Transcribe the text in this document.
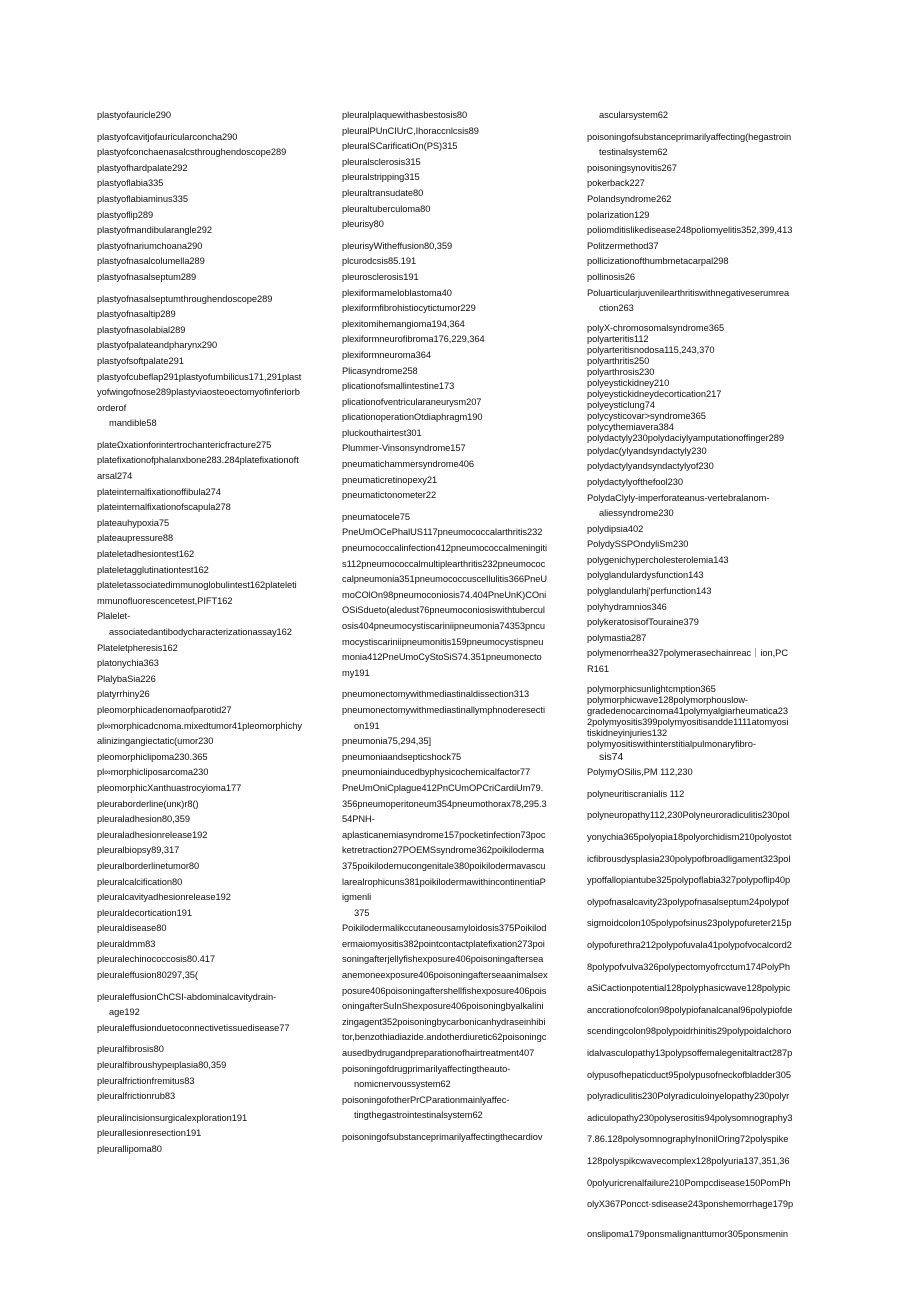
plastyofauricle290
plastyofcavitjofauricularconcha290
plastyofconchaenasalcsthroughendoscope289
plastyofhardpalate292
plastyoflabia335
plastyoflabiaminus335
plastyoflip289
plastyofmandibularangle292
plastyofnariumchoana290
plastyofnasalcolumella289
plastyofnasalseptum289
plastyofnasalseptumthroughendoscope289
plastyofnasaltip289
plastyofnasolabial289
plastyofpalateandpharynx290
plastyofsoftpalate291
plastyofcubeflap291plastyofumbilicus171,291plast
yofwingofnose289plastyviaosteoectomyofinferiorb
orderof
mandible58
plateΩxationforintertrochantericfracture275
platefixationofphalanxbone283.284platefixationoft
arsal274
plateinternalfixationoffibula274
plateinternalfixationofscapula278
plateauhypoxia75
plateaupressure88
plateletadhesiontest162
plateletagglutinationtest162
plateletassociatedimmunoglobulintest162plateleti
mmunofluorescencetest,PIFT162
Plalelet-
associatedantibodycharacterizationassay162
Plateletpheresis162
platonychia363
PlalybaSia226
platyrrhiny26
pleomorphicadenomaofparotid27
pl∞morphicadcnoma.mixedtumor41pleomorphichy
alinizingangiectatic(umor230
pleomorphiclipoma230.365
pl∞morphicliposarcoma230
pleomorphicXanthuastrocyioma177
pleuraborderline(unκ)r8()
pleuraladhesion80,359
pleuraladhesionrelease192
pleuralbiopsy89,317
pleuralborderlinetumor80
pleuralcalcification80
pleuralcavityadhesionrelease192
pleuraldecortication191
pleuraldisease80
pleuraldmm83
pleuralechinococcosis80.417
pleuraleffusion80297,35(
pleuraleffusionChCSI-abdominalcavitydrain-
age192
pleuraleffusionduetoconnectivetissuedisease77
pleuralfibrosis80
pleuralfibroushypeιplasia80,359
pleuralfrictionfremitus83
pleuralfrictionrub83
pleuralincisionsurgicalexploration191
pleurallesionresection191
pleurallipoma80
pleuralplaquewithasbestosis80
pleuralPUnCIUrC,Ihoraccnlcsis89
pleuralSCarificatiOn(PS)315
pleuralsclerosis315
pleuralstripping315
pleuraltransudate80
pleuraltuberculoma80
pleurisy80
pleurisyWitheffusion80,359
plcurodcsis85.191
pleurosclerosis191
plexiformameloblastoma40
plexiformfibrohistiocytictumor229
plexitomihemangioma194,364
plexiformneurofibroma176,229,364
plexiformneuroma364
Plicasyndrome258
plicationofsmallintestine173
plicationofventricularaneurysm207
plicationoperationOtdiaphragm190
pluckouthairtest301
Plummer-Vinsonsyndrome157
pneumatichammersyndrome406
pneumaticretinopexy21
pneumatictonometer22
pneumatocele75
PneUmOCePhalUS117pneumococcalarthritis232
pneumococcalinfection412pneumococcalmeningiti
s112pneumococcalmultiplearthritis232pneumococ
calpneumonia351pneumococcuscellulitis366PneU
moCOlOn98pneumoconiosis74.404PneUnK)COni
OSiSdueto(aledust76pneumoconiosiswithtubercul
osis404pneumocystiscariniipneumonia74353pncu
mocystiscariniipneumonitis159pneumocystispneu
monia412PneUmoCyStoSiS74.351pneumonecto
my191
pneumonectomywithmediastinaldissection313
pneumonectomywithmediastinallymphnoderesecti
on191
pneumonia75,294,35]
pneumoniaandsepticshock75
pneumoniainducedbyphysicochemicalfactor77
PneUmOniCplague412PnCUmOPCriCardiUm79.
356pneumoperitoneum354pneumothorax78,295.3
54PNH-
aplasticanemiasyndrome157pocketinfection73poc
ketretraction27POEMSsyndrome362poikiloderma
375poikilodernucongenitale380poikilodermavascu
larealrophicuns381poikilodermawithincontinentiaP
igmenli
375
Poikilodermalikccutaneousamyloidosis375Poikilod
ermaiomyositis382pointcontactplatefixation273poi
soningafterjellyfishexposure406poisoningaftersea
anemoneexposure406poisoningafterseaanimalsex
posure406poisoningaftershellfishexposure406pois
oningafterSuInShexposure406poisoningbyalkalini
zingagent352poisoningbycarbonicanhydraseinhibi
tor,benzothiadiazide.andotherdiuretic62poisoningc
ausedbydrugandpreparationofhairtreatment407
poisoningofdrugprimarilyaffectingtheauto-
nomicnervoussystem62
poisoningofotherPrCParationmainlyaffec-
tingthegastrointestinalsystem62
poisoningofsubstanceprimarilyaffectingthecardiov
ascularsystem62
poisoningofsubstanceprimarilyaffecting(hegastroin
testinalsystem62
poisoningsynovitis267
pokerback227
Polandsyndrome262
polarization129
poliomditislikedisease248poliomyelitis352,399,413
Politzermethod37
pollicizationofthumbmetacarpal298
pollinosis26
Poluarticularjuvenilearthritiswithnegativeserumrea
ction263
polyX-chromosomalsyndrome365
polyarteritis112
polyarteritisnodosa115,243,370
polyarthritis250
polyarthrosis230
polyeystickidney210
polyeystickidneydecortication217
polyeysticlung74
polycysticovar>syndrome365
polycythemiavera384
polydactyly230polydaciylyamputationoffinger289
polydac(ylyandsyndactyly230
polydactylyandsyndactylyof230
polydactylyofthefool230
PolydaClyly-imperforateanus-vertebralanom-
aliessyndrome230
polydipsia402
PolydySSPOndyliSm230
polygenichypercholesterolemia143
polyglandulardysfunction143
polyglandularhj'perfunction143
polyhydramnios346
polykeratosisofTouraine379
polymastia287
polymenorrhea327polymerasechainreac｜ion,PC
R161
polymorphicsunlightcmption365
polymorphicwave128polymorphouslow-
gradedenocarcinoma41polymyalgiarheumatica23
2polymyositis399polymyositisandde1111atomyosi
tiskidneyinjuries132
polymyositiswithinterstitialpulmonaryfibro-
sis74
PolymyOSilis,PM 112,230
polyneuritiscranialis 112
polyneuropathy112,230Polyneuroradiculitis230pol
yonychia365polyopia18polyorchidism210polyostot
icfibrousdysplasia230polypofbroadligament323pol
ypoffallopiantube325polypoflabia327polypoflip40p
olypofnasalcavity23polypofnasalseptum24polypof
sigmoidcolon105polypofsinus23polypofureter215p
olypofurethra212polypofuvala41polypofvocalcord2
8polypofvulva326polypectomyofrcctum174PolyPh
aSiCactionpotential128polyphasicwave128polypic
anccrationofcolon98polypiofanalcanal96polypiofde
scendingcolon98polypoidrhinitis29polypoidalchoro
idalvasculopathy13polypsoffemalegenitaltract287p
olypusofhepaticduct95polypusofneckofbladder305
polyradiculitis230Polyradiculoinyelopathy230polyr
adiculopathy230polyserositis94polysomnography3
7.86.128polysomnographyInonilOring72polyspike
128polyspikcwavecomplex128polyuria137,351,36
0polyuricrenalfailure210Pompcdisease150PomPh
olyX367Poncct·sdisease243ponshemorrhage179p
onslipoma179ponsmalignanttumor305ponsmenin
